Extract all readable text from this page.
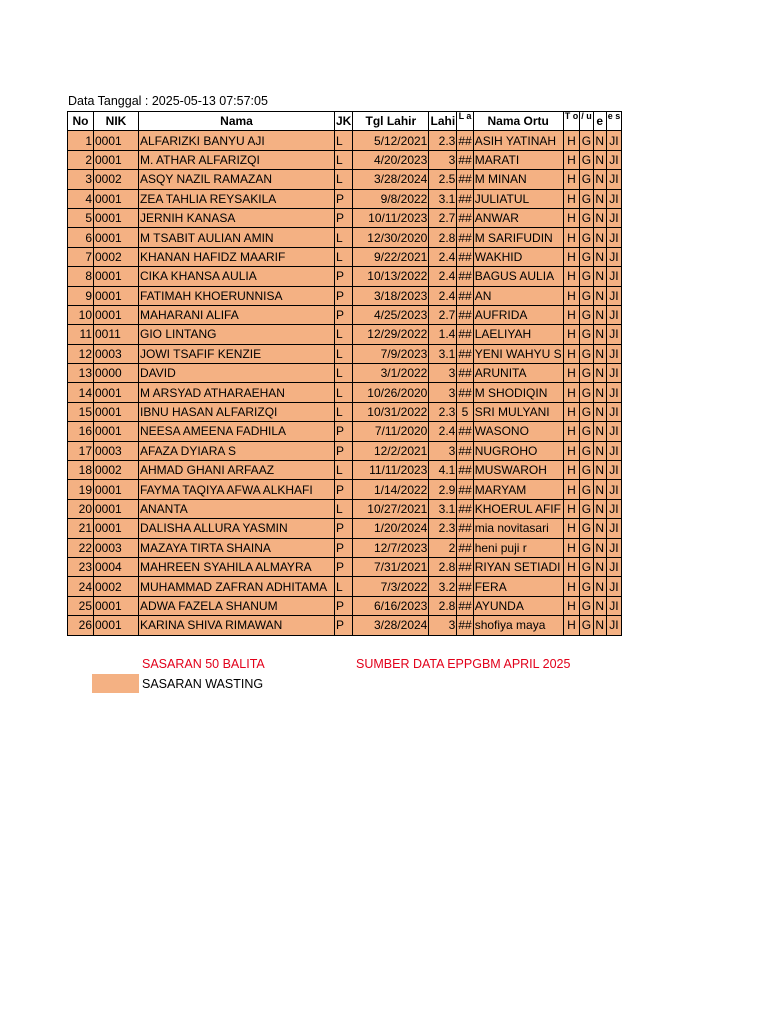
Data Tanggal : 2025-05-13 07:57:05
No	NIK	Nama	JK	Tgl Lahir	Lahi	L a	Nama Ortu	T o	/ u	e	e s
1	0001	ALFARIZKI BANYU AJI	L	5/12/2021	2.3	##	ASIH YATINAH	H	G	N	JI
2	0001	M. ATHAR ALFARIZQI	L	4/20/2023	3	##	MARATI	H	G	N	JI
3	0002	ASQY NAZIL RAMAZAN	L	3/28/2024	2.5	##	M MINAN	H	G	N	JI
4	0001	ZEA TAHLIA REYSAKILA	P	9/8/2022	3.1	##	JULIATUL	H	G	N	JI
5	0001	JERNIH KANASA	P	10/11/2023	2.7	##	ANWAR	H	G	N	JI
6	0001	M TSABIT AULIAN AMIN	L	12/30/2020	2.8	##	M SARIFUDIN	H	G	N	JI
7	0002	KHANAN HAFIDZ MAARIF	L	9/22/2021	2.4	##	WAKHID	H	G	N	JI
8	0001	CIKA KHANSA AULIA	P	10/13/2022	2.4	##	BAGUS AULIA	H	G	N	JI
9	0001	FATIMAH KHOERUNNISA	P	3/18/2023	2.4	##	AN	H	G	N	JI
10	0001	MAHARANI ALIFA	P	4/25/2023	2.7	##	AUFRIDA	H	G	N	JI
11	0011	GIO LINTANG	L	12/29/2022	1.4	##	LAELIYAH	H	G	N	JI
12	0003	JOWI TSAFIF KENZIE	L	7/9/2023	3.1	##	YENI WAHYU S	H	G	N	JI
13	0000	DAVID	L	3/1/2022	3	##	ARUNITA	H	G	N	JI
14	0001	M ARSYAD ATHARAEHAN	L	10/26/2020	3	##	M SHODIQIN	H	G	N	JI
15	0001	IBNU HASAN ALFARIZQI	L	10/31/2022	2.3	5	SRI MULYANI	H	G	N	JI
16	0001	NEESA AMEENA FADHILA	P	7/11/2020	2.4	##	WASONO	H	G	N	JI
17	0003	AFAZA DYIARA S	P	12/2/2021	3	##	NUGROHO	H	G	N	JI
18	0002	AHMAD GHANI ARFAAZ	L	11/11/2023	4.1	##	MUSWAROH	H	G	N	JI
19	0001	FAYMA TAQIYA AFWA ALKHAFI	P	1/14/2022	2.9	##	MARYAM	H	G	N	JI
20	0001	ANANTA	L	10/27/2021	3.1	##	KHOERUL AFIF	H	G	N	JI
21	0001	DALISHA ALLURA YASMIN	P	1/20/2024	2.3	##	mia novitasari	H	G	N	JI
22	0003	MAZAYA TIRTA SHAINA	P	12/7/2023	2	##	heni puji r	H	G	N	JI
23	0004	MAHREEN SYAHILA ALMAYRA	P	7/31/2021	2.8	##	RIYAN SETIADI	H	G	N	JI
24	0002	MUHAMMAD ZAFRAN ADHITAMA	L	7/3/2022	3.2	##	FERA	H	G	N	JI
25	0001	ADWA FAZELA SHANUM	P	6/16/2023	2.8	##	AYUNDA	H	G	N	JI
26	0001	KARINA SHIVA RIMAWAN	P	3/28/2024	3	##	shofiya maya	H	G	N	JI
SASARAN 50 BALITA	SUMBER DATA EPPGBM APRIL 2025
SASARAN WASTING
